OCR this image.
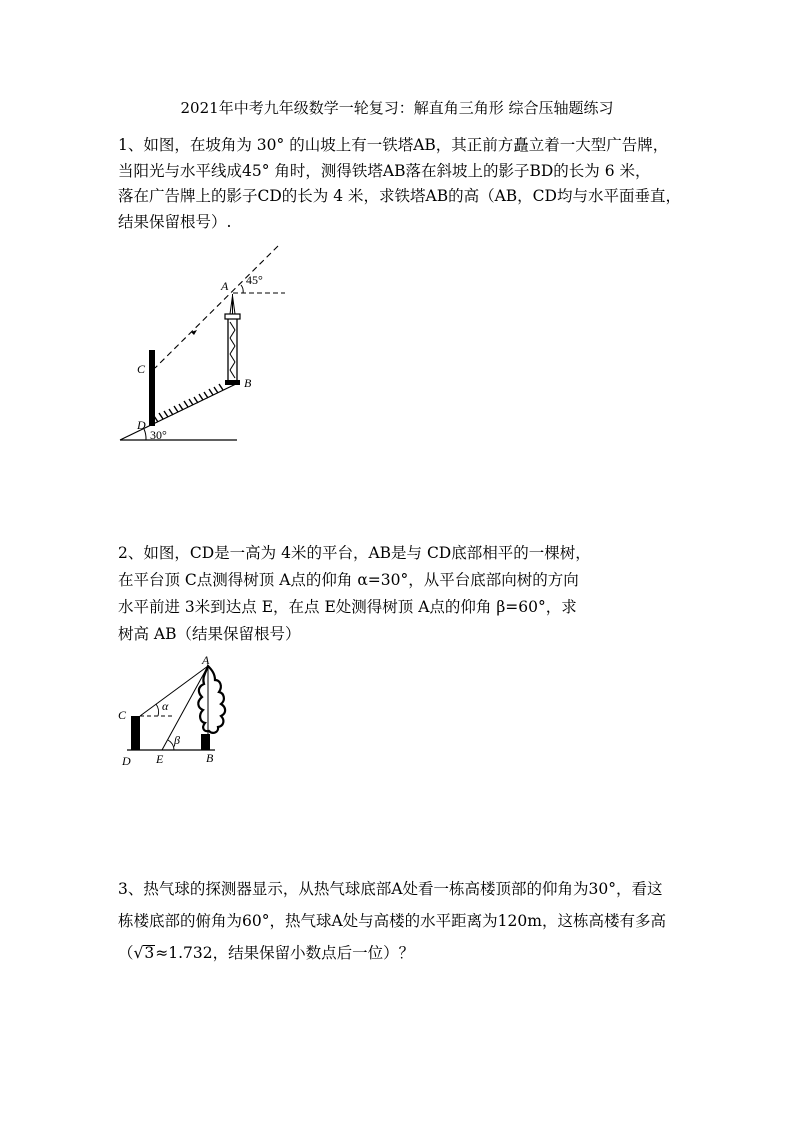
2021年中考九年级数学一轮复习：解直角三角形 综合压轴题练习
1、如图，在坡角为 30° 的山坡上有一铁塔AB，其正前方矗立着一大型广告牌，
当阳光与水平线成45° 角时，测得铁塔AB落在斜坡上的影子BD的长为 6 米，
落在广告牌上的影子CD的长为 4 米，求铁塔AB的高（AB，CD均与水平面垂直，
结果保留根号）.
A
B
C
D
45°
30°
2、如图，CD是一高为 4米的平台，AB是与 CD底部相平的一棵树，
在平台顶 C点测得树顶 A点的仰角 α=30°，从平台底部向树的方向
水平前进 3米到达点 E，在点 E处测得树顶 A点的仰角 β=60°，求
树高 AB（结果保留根号）
A
B
C
D E
α
β
3、热气球的探测器显示，从热气球底部A处看一栋高楼顶部的仰角为30°，看这
栋楼底部的俯角为60°，热气球A处与高楼的水平距离为120m，这栋高楼有多高
（√3≈1.732，结果保留小数点后一位）？
